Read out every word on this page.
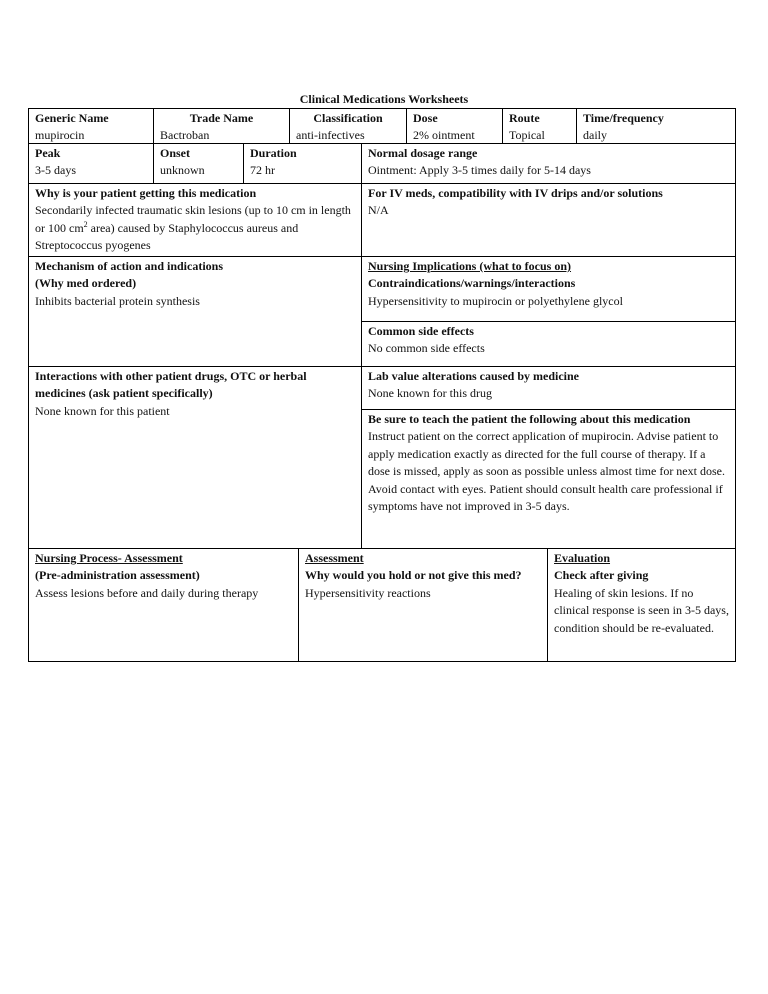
Clinical Medications Worksheets
Generic Name
mupirocin
Trade Name
Bactroban
Classification
anti-infectives
Dose
2% ointment
Route
Topical
Time/frequency
daily
Peak
3-5 days
Onset
unknown
Duration
72 hr
Normal dosage range
Ointment: Apply 3-5 times daily for 5-14 days
Why is your patient getting this medication
Secondarily infected traumatic skin lesions (up to 10 cm in length or 100 $cm^2$ area) caused by Staphylococcus aureus and Streptococcus pyogenes
For IV meds, compatibility with IV drips and/or solutions
N/A
Mechanism of action and indications
(Why med ordered)
Inhibits bacterial protein synthesis
Nursing Implications (what to focus on)
Contraindications/warnings/interactions
Hypersensitivity to mupirocin or polyethylene glycol
Common side effects
No common side effects
Interactions with other patient drugs, OTC or herbal medicines (ask patient specifically)
None known for this patient
Lab value alterations caused by medicine
None known for this drug
Be sure to teach the patient the following about this medication
Instruct patient on the correct application of mupirocin. Advise patient to apply medication exactly as directed for the full course of therapy. If a dose is missed, apply as soon as possible unless almost time for next dose. Avoid contact with eyes. Patient should consult health care professional if symptoms have not improved in 3-5 days.
Nursing Process- Assessment
(Pre-administration assessment)
Assess lesions before and daily during therapy
Assessment
Why would you hold or not give this med?
Hypersensitivity reactions
Evaluation
Check after giving
Healing of skin lesions. If no clinical response is seen in 3-5 days, condition should be re-evaluated.
